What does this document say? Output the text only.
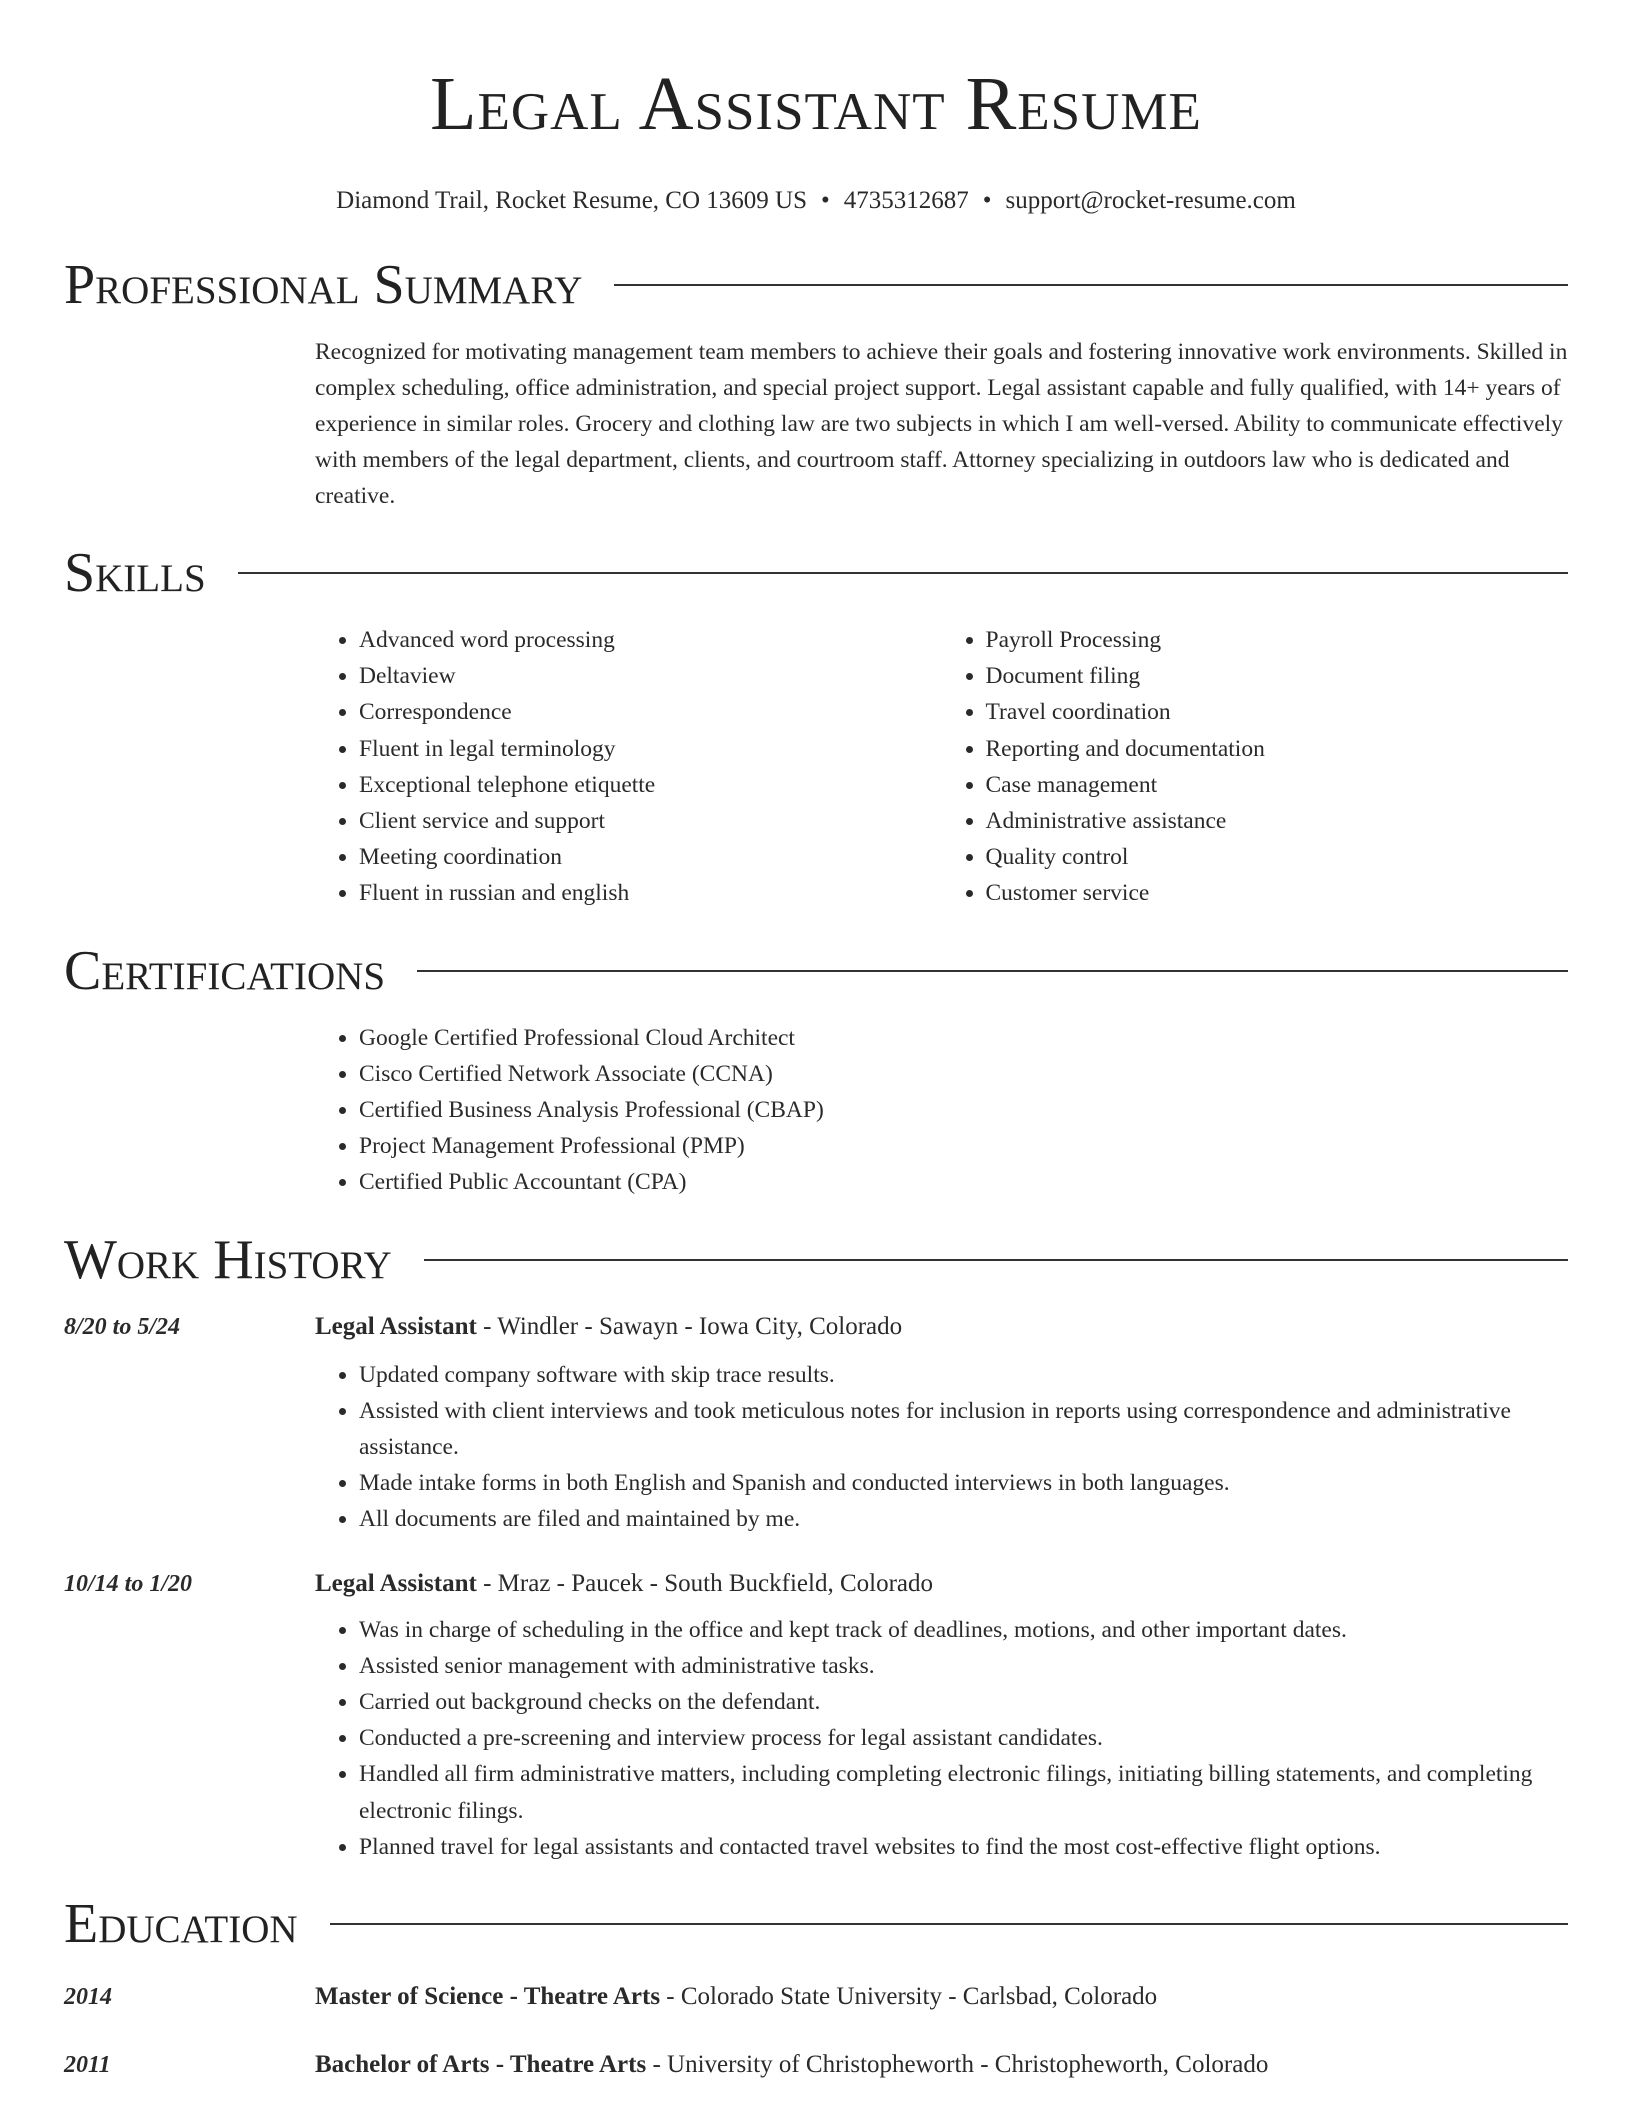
Legal Assistant Resume
Diamond Trail, Rocket Resume, CO 13609 US • 4735312687 • support@rocket-resume.com
Professional Summary
Recognized for motivating management team members to achieve their goals and fostering innovative work environments. Skilled in complex scheduling, office administration, and special project support. Legal assistant capable and fully qualified, with 14+ years of experience in similar roles. Grocery and clothing law are two subjects in which I am well-versed. Ability to communicate effectively with members of the legal department, clients, and courtroom staff. Attorney specializing in outdoors law who is dedicated and creative.
Skills
• Advanced word processing
• Deltaview
• Correspondence
• Fluent in legal terminology
• Exceptional telephone etiquette
• Client service and support
• Meeting coordination
• Fluent in russian and english
• Payroll Processing
• Document filing
• Travel coordination
• Reporting and documentation
• Case management
• Administrative assistance
• Quality control
• Customer service
Certifications
• Google Certified Professional Cloud Architect
• Cisco Certified Network Associate (CCNA)
• Certified Business Analysis Professional (CBAP)
• Project Management Professional (PMP)
• Certified Public Accountant (CPA)
Work History
8/20 to 5/24	Legal Assistant - Windler - Sawayn - Iowa City, Colorado
• Updated company software with skip trace results.
• Assisted with client interviews and took meticulous notes for inclusion in reports using correspondence and administrative assistance.
• Made intake forms in both English and Spanish and conducted interviews in both languages.
• All documents are filed and maintained by me.
10/14 to 1/20	Legal Assistant - Mraz - Paucek - South Buckfield, Colorado
• Was in charge of scheduling in the office and kept track of deadlines, motions, and other important dates.
• Assisted senior management with administrative tasks.
• Carried out background checks on the defendant.
• Conducted a pre-screening and interview process for legal assistant candidates.
• Handled all firm administrative matters, including completing electronic filings, initiating billing statements, and completing electronic filings.
• Planned travel for legal assistants and contacted travel websites to find the most cost-effective flight options.
Education
2014	Master of Science - Theatre Arts - Colorado State University - Carlsbad, Colorado
2011	Bachelor of Arts - Theatre Arts - University of Christopheworth - Christopheworth, Colorado
